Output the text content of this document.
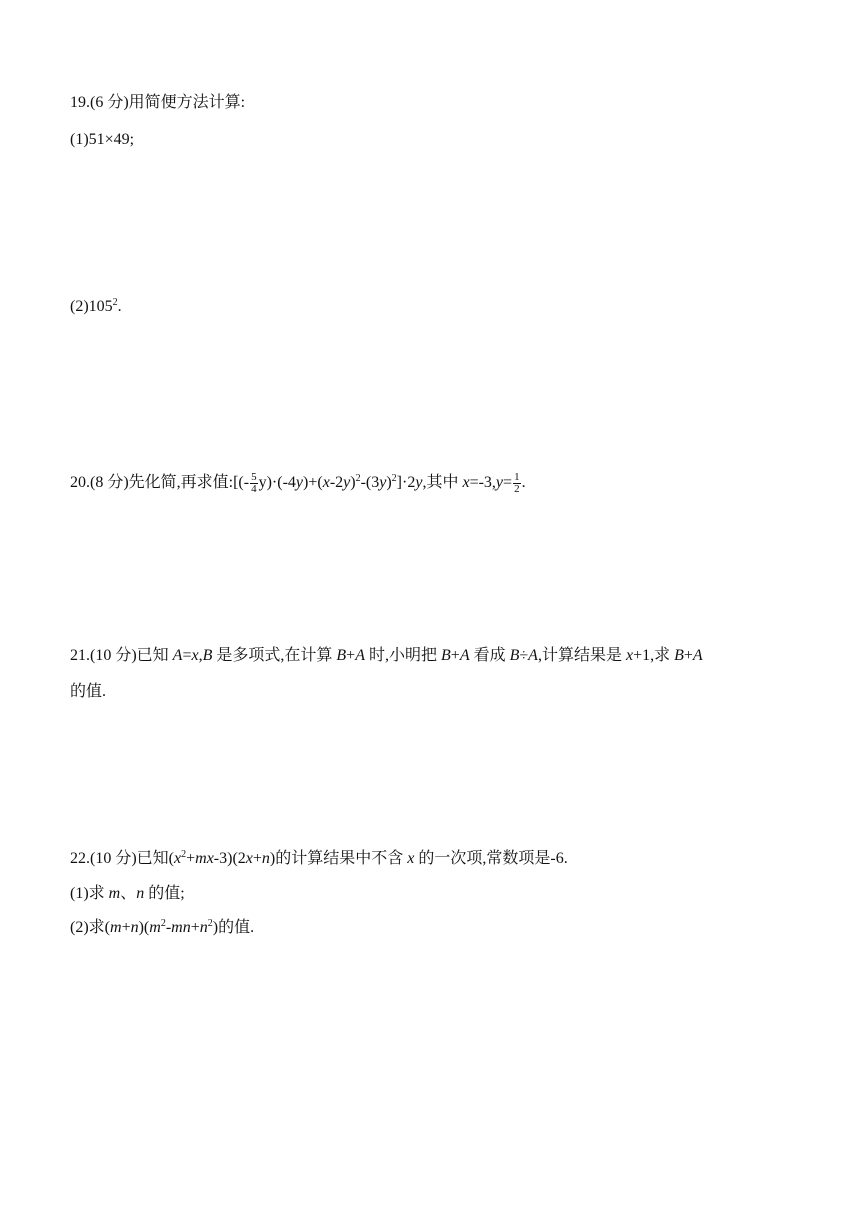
19.(6 分)用简便方法计算:
(1)51×49;
$(2)105^2$.
20.(8 分)先化简,再求值:[(- $\frac{5}{4} y)\cdot(-4y)+(x-2y)^2-(3y)^2]\cdot 2y$,其中 $x=-3,y= \frac{1}{2}$ .
21.(10 分)已知 A=x,B 是多项式,在计算 B+A 时,小明把 B+A 看成 B÷A,计算结果是 x+1,求 B+A
的值.
22.(10 分)已知$(x^2+mx-3)(2x+n)$的计算结果中不含 x 的一次项,常数项是-6.
(1)求 m、n 的值;
(2)求$(m+n)(m^2-mn+n^2)$的值.
